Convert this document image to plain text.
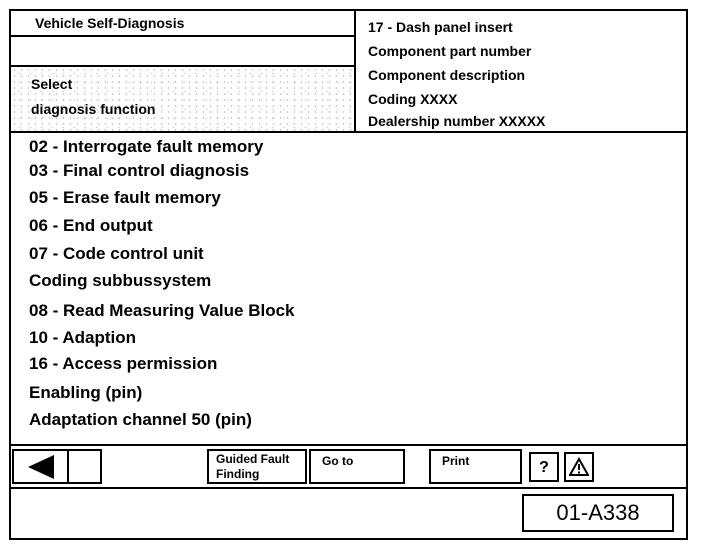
Vehicle Self-Diagnosis
Select
diagnosis function
17 - Dash panel insert
Component part number
Component description
Coding XXXX
Dealership number XXXXX
02 - Interrogate fault memory
03 - Final control diagnosis
05 - Erase fault memory
06 - End output
07 - Code control unit
Coding subbussystem
08 - Read Measuring Value Block
10 - Adaption
16 - Access permission
Enabling (pin)
Adaptation channel 50 (pin)
Guided Fault
Finding
Go to	Print	?
01-A338
